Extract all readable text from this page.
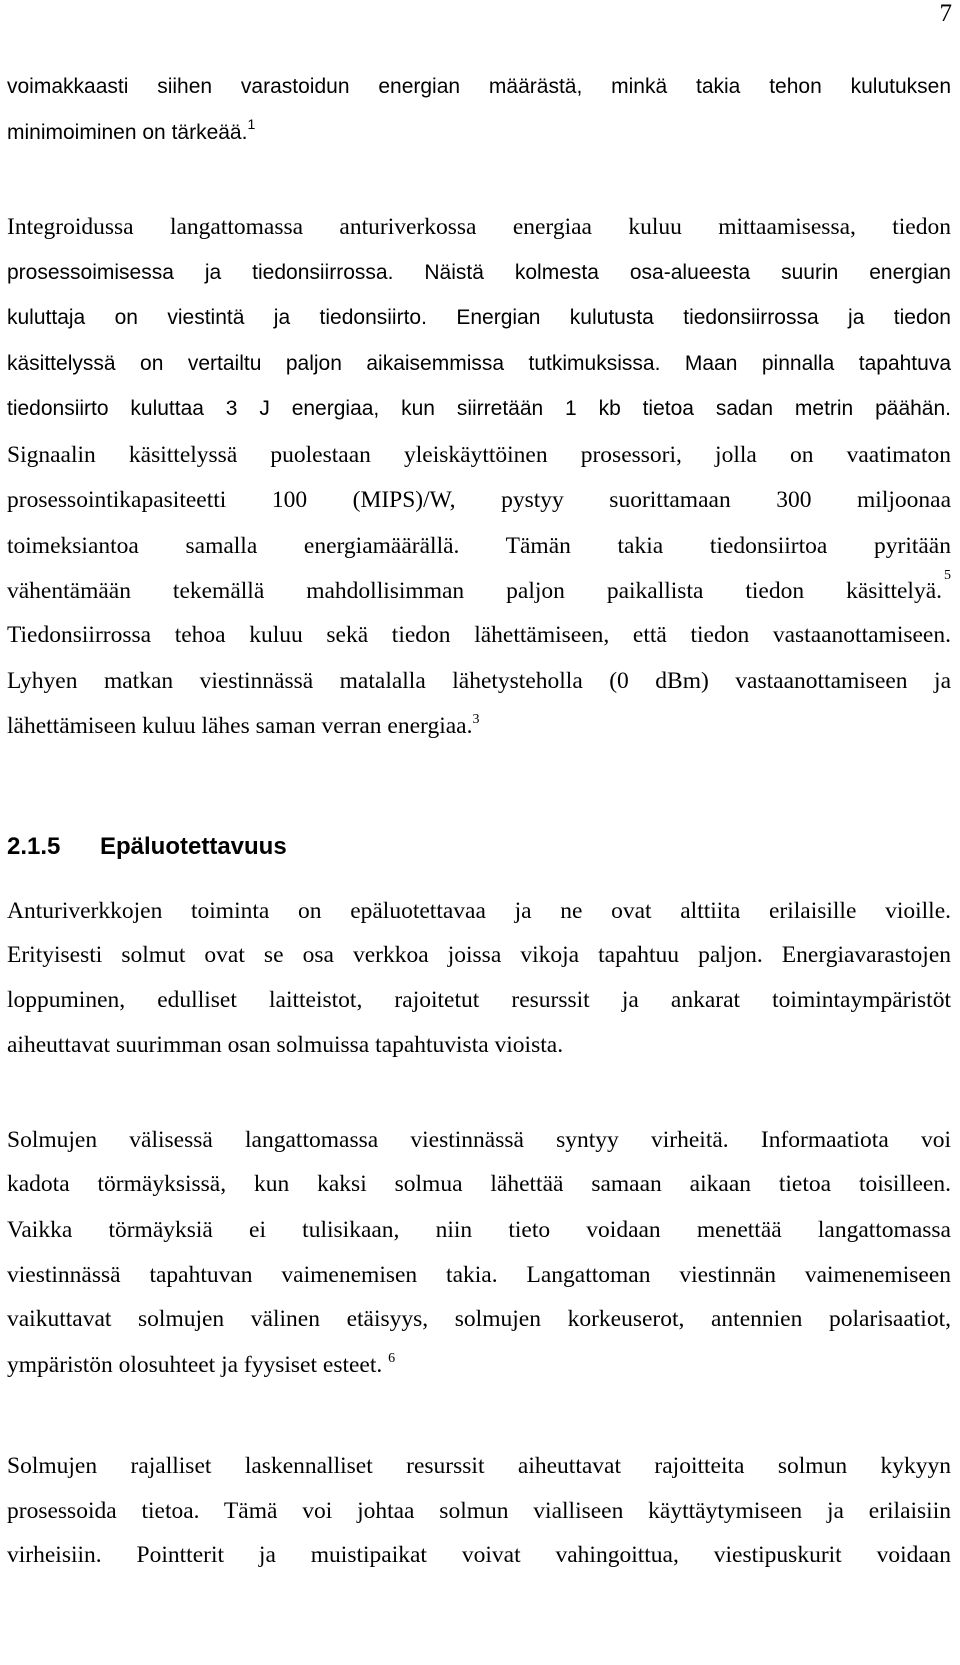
7
voimakkaasti siihen varastoidun energian määrästä, minkä takia tehon kulutuksen
minimoiminen on tärkeää.$^1$
Integroidussa langattomassa anturiverkossa energiaa kuluu mittaamisessa, tiedon
prosessoimisessa ja tiedonsiirrossa. Näistä kolmesta osa-alueesta suurin energian
kuluttaja on viestintä ja tiedonsiirto. Energian kulutusta tiedonsiirrossa ja tiedon
käsittelyssä on vertailtu paljon aikaisemmissa tutkimuksissa. Maan pinnalla tapahtuva
tiedonsiirto kuluttaa 3 J energiaa, kun siirretään 1 kb tietoa sadan metrin päähän.
Signaalin käsittelyssä puolestaan yleiskäyttöinen prosessori, jolla on vaatimaton
prosessointikapasiteetti 100 (MIPS)/W, pystyy suorittamaan 300 miljoonaa
toimeksiantoa samalla energiamäärällä. Tämän takia tiedonsiirtoa pyritään
vähentämään tekemällä mahdollisimman paljon paikallista tiedon käsittelyä.
5
Tiedonsiirrossa tehoa kuluu sekä tiedon lähettämiseen, että tiedon vastaanottamiseen.
Lyhyen matkan viestinnässä matalalla lähetysteholla (0 dBm) vastaanottamiseen ja
lähettämiseen kuluu lähes saman verran energiaa.$^3$
2.1.5 Epäluotettavuus
Anturiverkkojen toiminta on epäluotettavaa ja ne ovat alttiita erilaisille vioille.
Erityisesti solmut ovat se osa verkkoa joissa vikoja tapahtuu paljon. Energiavarastojen
loppuminen, edulliset laitteistot, rajoitetut resurssit ja ankarat toimintaympäristöt
aiheuttavat suurimman osan solmuissa tapahtuvista vioista.
Solmujen välisessä langattomassa viestinnässä syntyy virheitä. Informaatiota voi
kadota törmäyksissä, kun kaksi solmua lähettää samaan aikaan tietoa toisilleen.
Vaikka törmäyksiä ei tulisikaan, niin tieto voidaan menettää langattomassa
viestinnässä tapahtuvan vaimenemisen takia. Langattoman viestinnän vaimenemiseen
vaikuttavat solmujen välinen etäisyys, solmujen korkeuserot, antennien polarisaatiot,
ympäristön olosuhteet ja fyysiset esteet. $^6$
Solmujen rajalliset laskennalliset resurssit aiheuttavat rajoitteita solmun kykyyn
prosessoida tietoa. Tämä voi johtaa solmun vialliseen käyttäytymiseen ja erilaisiin
virheisiin. Pointterit ja muistipaikat voivat vahingoittua, viestipuskurit voidaan
